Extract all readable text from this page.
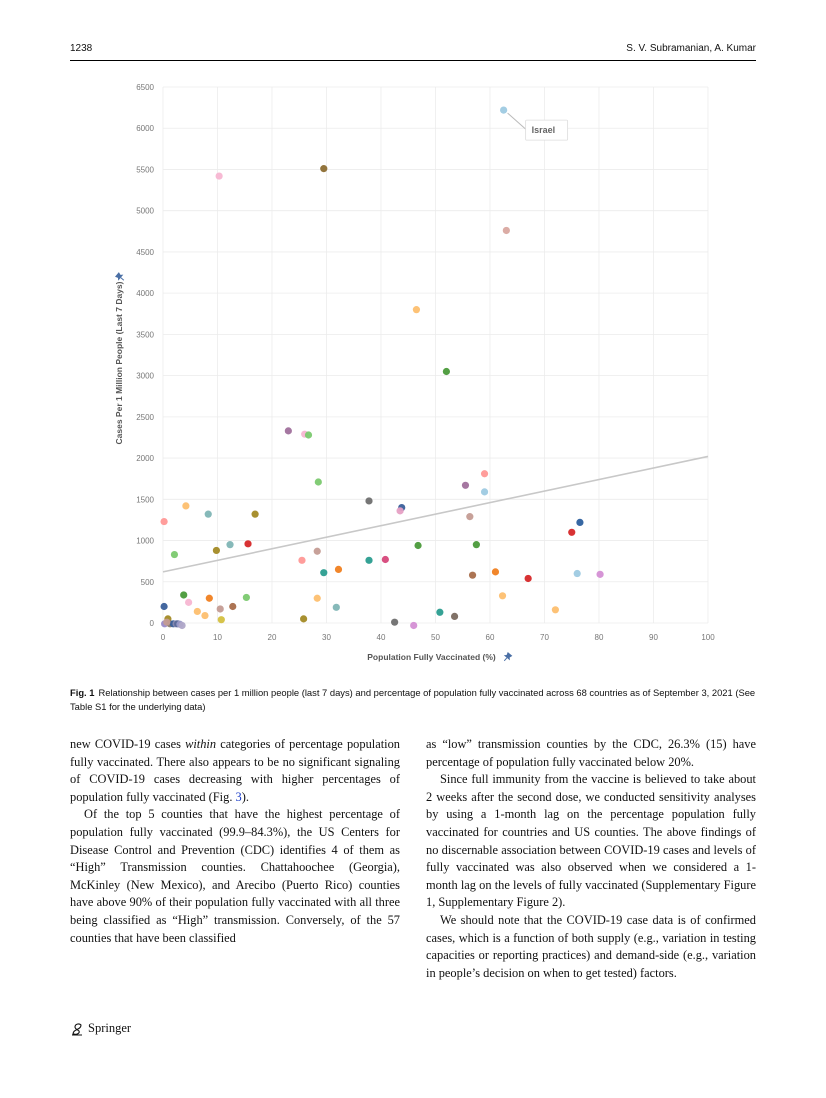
1238	S. V. Subramanian, A. Kumar
0
500
1000
1500
2000
2500
3000
3500
4000
4500
5000
5500
6000
6500
0	10	20	30	40	50	60	70	80	90	100
Israel
Population Fully Vaccinated (%)
Cases Per 1 Million People (Last 7 Days)
Fig. 1 Relationship between cases per 1 million people (last 7 days) and percentage of population fully vaccinated across 68 countries as of September 3, 2021 (See Table S1 for the underlying data)

new COVID-19 cases within categories of percentage population fully vaccinated. There also appears to be no significant signaling of COVID-19 cases decreasing with higher percentages of population fully vaccinated (Fig. 3).

Of the top 5 counties that have the highest percentage of population fully vaccinated (99.9–84.3%), the US Centers for Disease Control and Prevention (CDC) identifies 4 of them as “High” Transmission counties. Chattahoochee (Georgia), McKinley (New Mexico), and Arecibo (Puerto Rico) counties have above 90% of their population fully vaccinated with all three being classified as “High” transmission. Conversely, of the 57 counties that have been classified

as “low” transmission counties by the CDC, 26.3% (15) have percentage of population fully vaccinated below 20%.

Since full immunity from the vaccine is believed to take about 2 weeks after the second dose, we conducted sensitivity analyses by using a 1-month lag on the percentage population fully vaccinated for countries and US counties. The above findings of no discernable association between COVID-19 cases and levels of fully vaccinated was also observed when we considered a 1-month lag on the levels of fully vaccinated (Supplementary Figure 1, Supplementary Figure 2).

We should note that the COVID-19 case data is of confirmed cases, which is a function of both supply (e.g., variation in testing capacities or reporting practices) and demand-side (e.g., variation in people’s decision on when to get tested) factors.

Springer
